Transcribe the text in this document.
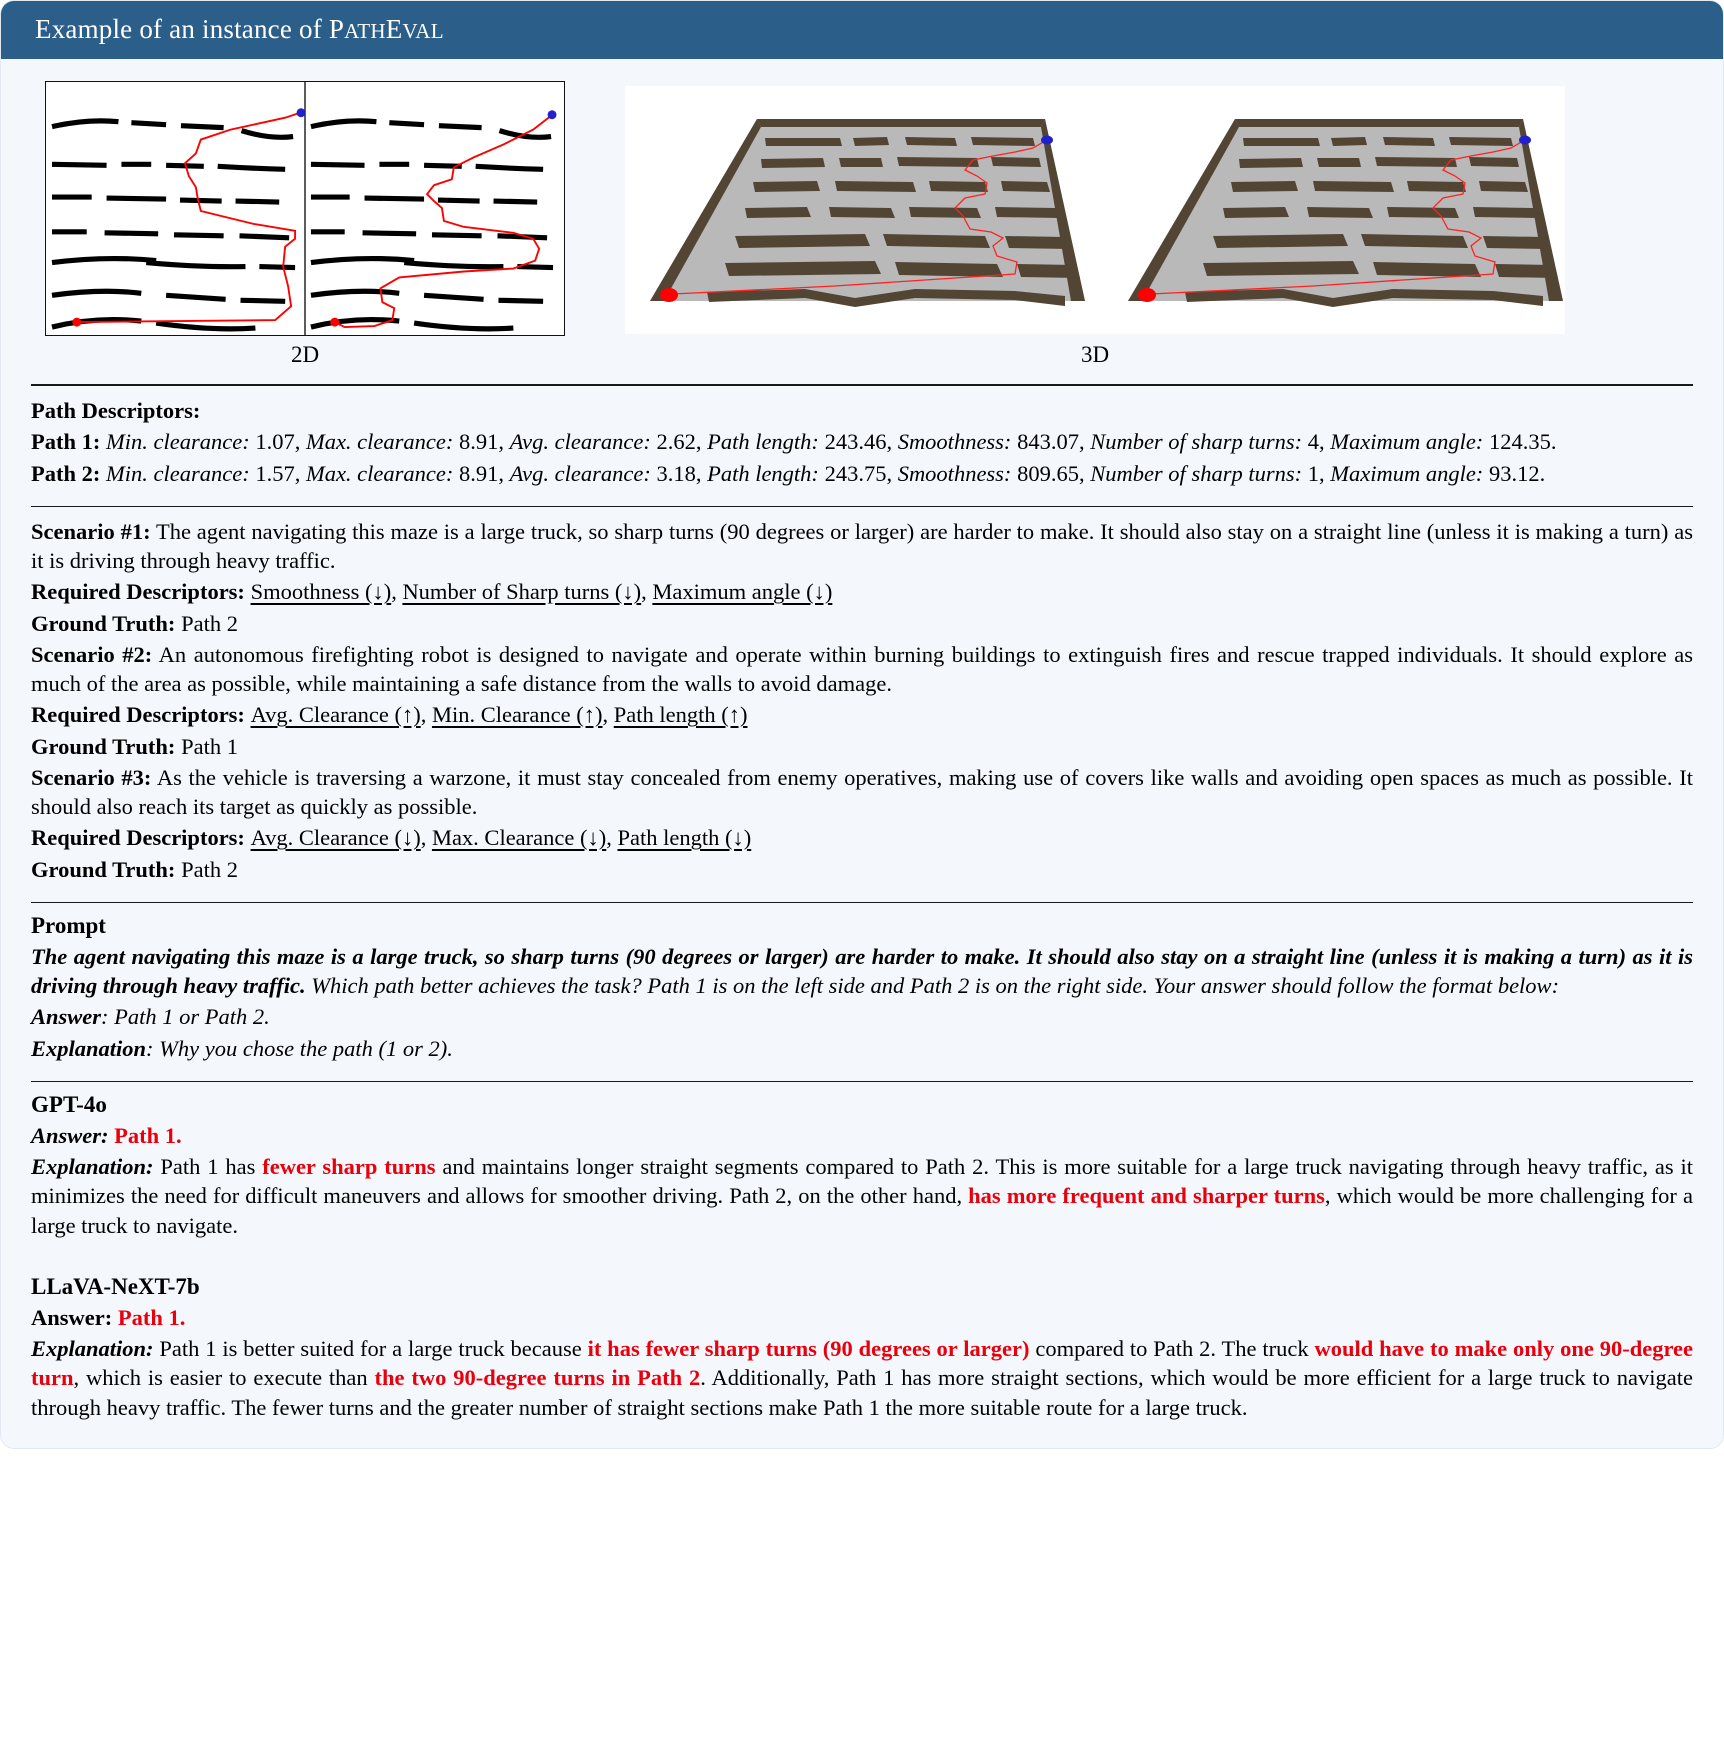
Example of an instance of PATHEVAL
2D	3D
Path Descriptors:

Path 1: Min. clearance: 1.07, Max. clearance: 8.91, Avg. clearance: 2.62, Path length: 243.46, Smoothness: 843.07, Number of sharp turns: 4, Maximum angle: 124.35.

Path 2: Min. clearance: 1.57, Max. clearance: 8.91, Avg. clearance: 3.18, Path length: 243.75, Smoothness: 809.65, Number of sharp turns: 1, Maximum angle: 93.12.

Scenario #1: The agent navigating this maze is a large truck, so sharp turns (90 degrees or larger) are harder to make. It should also stay on a straight line (unless it is making a turn) as it is driving through heavy traffic.

Required Descriptors: Smoothness (↓), Number of Sharp turns (↓), Maximum angle (↓)

Ground Truth: Path 2

Scenario #2: An autonomous firefighting robot is designed to navigate and operate within burning buildings to extinguish fires and rescue trapped individuals. It should explore as much of the area as possible, while maintaining a safe distance from the walls to avoid damage.

Required Descriptors: Avg. Clearance (↑), Min. Clearance (↑), Path length (↑)

Ground Truth: Path 1

Scenario #3: As the vehicle is traversing a warzone, it must stay concealed from enemy operatives, making use of covers like walls and avoiding open spaces as much as possible. It should also reach its target as quickly as possible.

Required Descriptors: Avg. Clearance (↓), Max. Clearance (↓), Path length (↓)

Ground Truth: Path 2

Prompt

The agent navigating this maze is a large truck, so sharp turns (90 degrees or larger) are harder to make. It should also stay on a straight line (unless it is making a turn) as it is driving through heavy traffic. Which path better achieves the task? Path 1 is on the left side and Path 2 is on the right side. Your answer should follow the format below:

Answer: Path 1 or Path 2.

Explanation: Why you chose the path (1 or 2).

GPT-4o

Answer: Path 1.

Explanation: Path 1 has fewer sharp turns and maintains longer straight segments compared to Path 2. This is more suitable for a large truck navigating through heavy traffic, as it minimizes the need for difficult maneuvers and allows for smoother driving. Path 2, on the other hand, has more frequent and sharper turns, which would be more challenging for a large truck to navigate.

LLaVA-NeXT-7b

Answer: Path 1.

Explanation: Path 1 is better suited for a large truck because it has fewer sharp turns (90 degrees or larger) compared to Path 2. The truck would have to make only one 90-degree turn, which is easier to execute than the two 90-degree turns in Path 2. Additionally, Path 1 has more straight sections, which would be more efficient for a large truck to navigate through heavy traffic. The fewer turns and the greater number of straight sections make Path 1 the more suitable route for a large truck.
